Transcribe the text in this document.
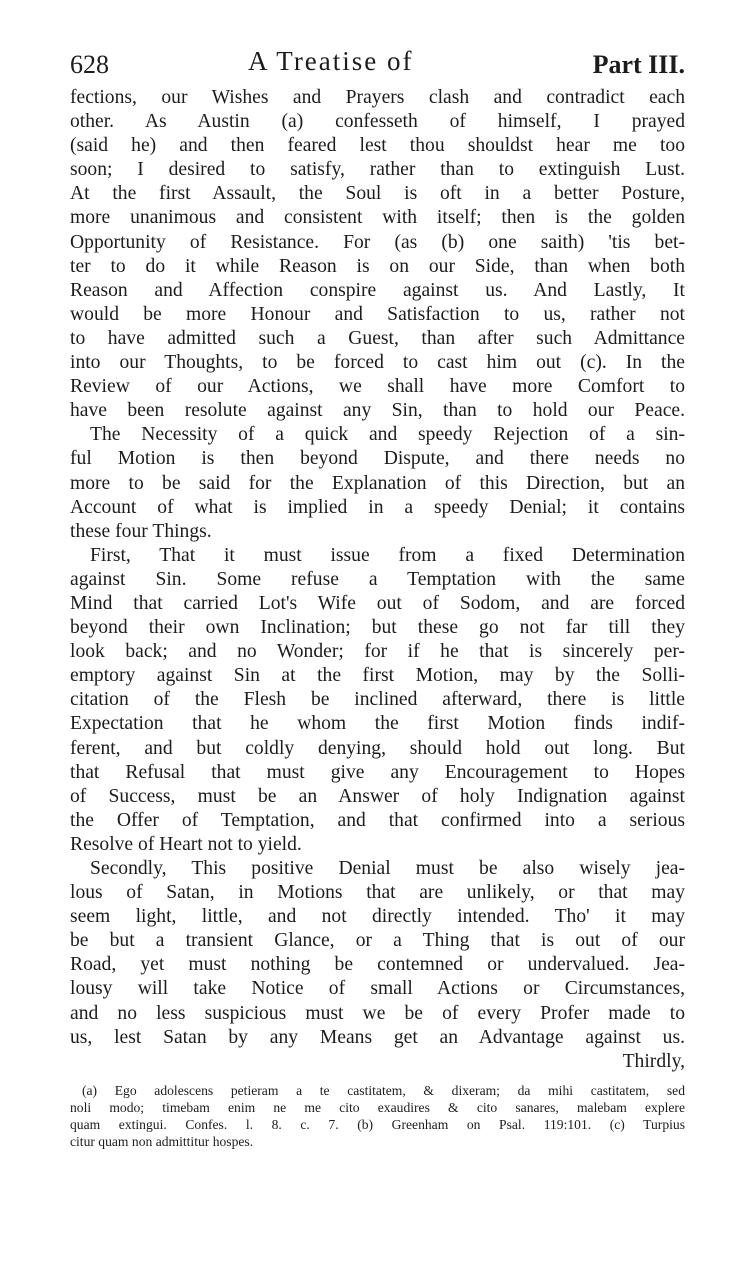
628	A Treatise of	Part III.
fections, our Wishes and Prayers clash and contradict each
other. As Austin (a) confesseth of himself, I prayed
(said he) and then feared lest thou shouldst hear me too
soon; I desired to satisfy, rather than to extinguish Lust.
At the first Assault, the Soul is oft in a better Posture,
more unanimous and consistent with itself; then is the golden
Opportunity of Resistance. For (as (b) one saith) 'tis bet-
ter to do it while Reason is on our Side, than when both
Reason and Affection conspire against us. And Lastly, It
would be more Honour and Satisfaction to us, rather not
to have admitted such a Guest, than after such Admittance
into our Thoughts, to be forced to cast him out (c). In the
Review of our Actions, we shall have more Comfort to
have been resolute against any Sin, than to hold our Peace.
The Necessity of a quick and speedy Rejection of a sin-
ful Motion is then beyond Dispute, and there needs no
more to be said for the Explanation of this Direction, but an
Account of what is implied in a speedy Denial; it contains
these four Things.
First, That it must issue from a fixed Determination
against Sin. Some refuse a Temptation with the same
Mind that carried Lot's Wife out of Sodom, and are forced
beyond their own Inclination; but these go not far till they
look back; and no Wonder; for if he that is sincerely per-
emptory against Sin at the first Motion, may by the Solli-
citation of the Flesh be inclined afterward, there is little
Expectation that he whom the first Motion finds indif-
ferent, and but coldly denying, should hold out long. But
that Refusal that must give any Encouragement to Hopes
of Success, must be an Answer of holy Indignation against
the Offer of Temptation, and that confirmed into a serious
Resolve of Heart not to yield.
Secondly, This positive Denial must be also wisely jea-
lous of Satan, in Motions that are unlikely, or that may
seem light, little, and not directly intended. Tho' it may
be but a transient Glance, or a Thing that is out of our
Road, yet must nothing be contemned or undervalued. Jea-
lousy will take Notice of small Actions or Circumstances,
and no less suspicious must we be of every Profer made to
us, lest Satan by any Means get an Advantage against us.
Thirdly,
(a) Ego adolescens petieram a te castitatem, & dixeram; da mihi castitatem, sed
noli modo; timebam enim ne me cito exaudires & cito sanares, malebam explere
quam extingui. Confes. l. 8. c. 7. (b) Greenham on Psal. 119:101. (c) Turpius
citur quam non admittitur hospes.
